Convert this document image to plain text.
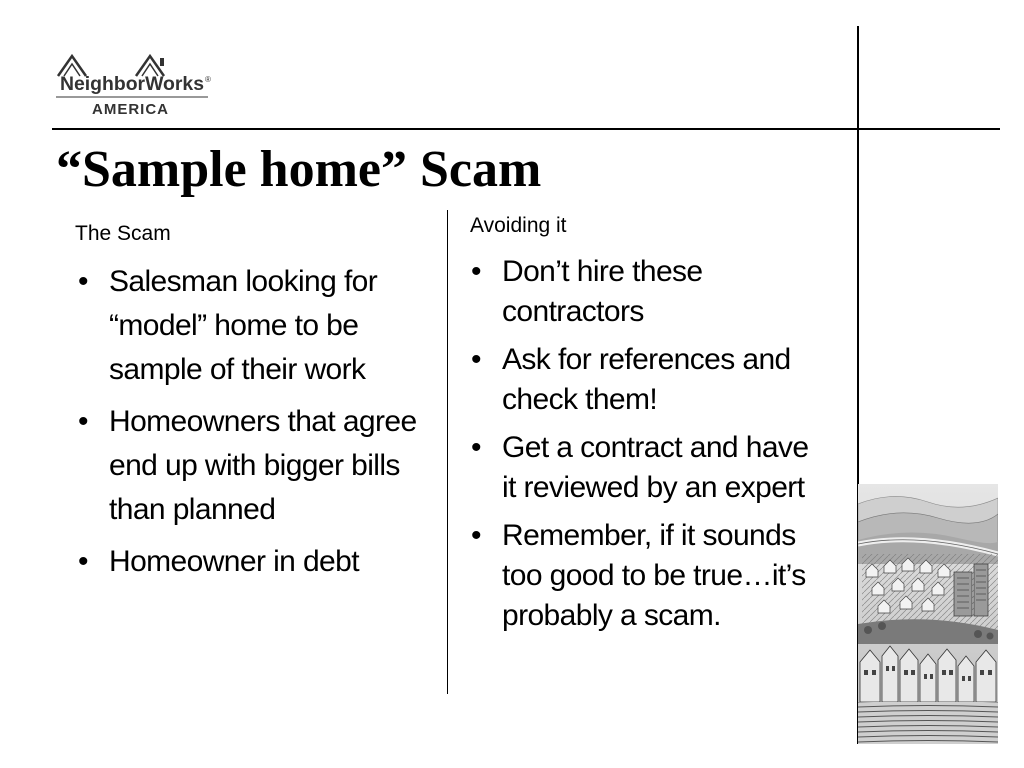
NeighborWorks ®
AMERICA
“Sample home” Scam
The Scam	Avoiding it
• Salesman looking for “model” home to be sample of their work
• Homeowners that agree end up with bigger bills than planned
• Homeowner in debt
• Don’t hire these contractors
• Ask for references and check them!
• Get a contract and have it reviewed by an expert
• Remember, if it sounds too good to be true…it’s probably a scam.
